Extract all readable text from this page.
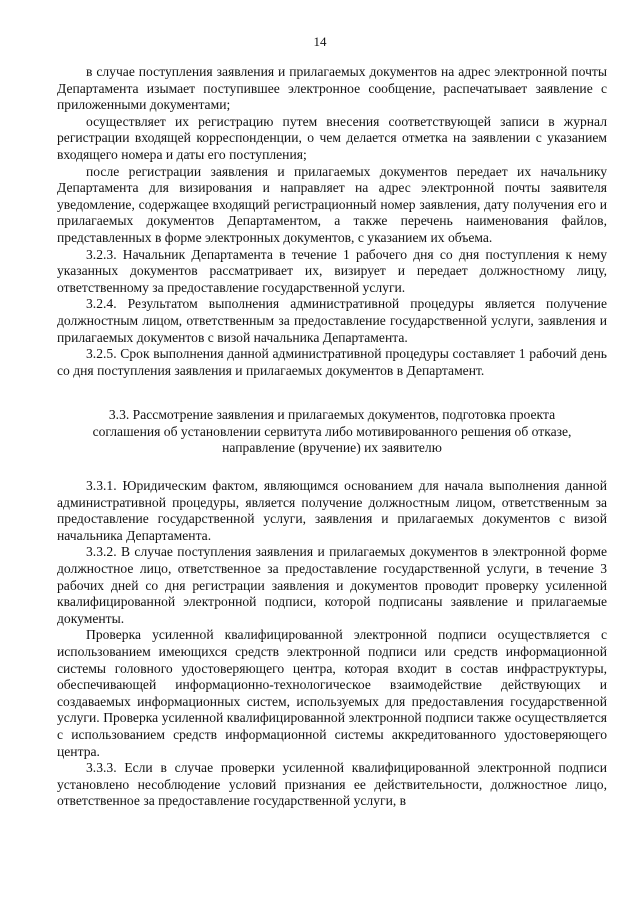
14

в случае поступления заявления и прилагаемых документов на адрес электронной почты Департамента изымает поступившее электронное сообщение, распечатывает заявление с приложенными документами;

осуществляет их регистрацию путем внесения соответствующей записи в журнал регистрации входящей корреспонденции, о чем делается отметка на заявлении с указанием входящего номера и даты его поступления;

после регистрации заявления и прилагаемых документов передает их начальнику Департамента для визирования и направляет на адрес электронной почты заявителя уведомление, содержащее входящий регистрационный номер заявления, дату получения его и прилагаемых документов Департаментом, а также перечень наименования файлов, представленных в форме электронных документов, с указанием их объема.

3.2.3. Начальник Департамента в течение 1 рабочего дня со дня поступления к нему указанных документов рассматривает их, визирует и передает должностному лицу, ответственному за предоставление государственной услуги.

3.2.4. Результатом выполнения административной процедуры является получение должностным лицом, ответственным за предоставление государственной услуги, заявления и прилагаемых документов с визой начальника Департамента.

3.2.5. Срок выполнения данной административной процедуры составляет 1 рабочий день со дня поступления заявления и прилагаемых документов в Департамент.

3.3. Рассмотрение заявления и прилагаемых документов, подготовка проекта
соглашения об установлении сервитута либо мотивированного решения об отказе,
направление (вручение) их заявителю

3.3.1. Юридическим фактом, являющимся основанием для начала выполнения данной административной процедуры, является получение должностным лицом, ответственным за предоставление государственной услуги, заявления и прилагаемых документов с визой начальника Департамента.

3.3.2. В случае поступления заявления и прилагаемых документов в электронной форме должностное лицо, ответственное за предоставление государственной услуги, в течение 3 рабочих дней со дня регистрации заявления и документов проводит проверку усиленной квалифицированной электронной подписи, которой подписаны заявление и прилагаемые документы.

Проверка усиленной квалифицированной электронной подписи осуществляется с использованием имеющихся средств электронной подписи или средств информационной системы головного удостоверяющего центра, которая входит в состав инфраструктуры, обеспечивающей информационно-технологическое взаимодействие действующих и создаваемых информационных систем, используемых для предоставления государственной услуги. Проверка усиленной квалифицированной электронной подписи также осуществляется с использованием средств информационной системы аккредитованного удостоверяющего центра.

3.3.3. Если в случае проверки усиленной квалифицированной электронной подписи установлено несоблюдение условий признания ее действительности, должностное лицо, ответственное за предоставление государственной услуги, в
